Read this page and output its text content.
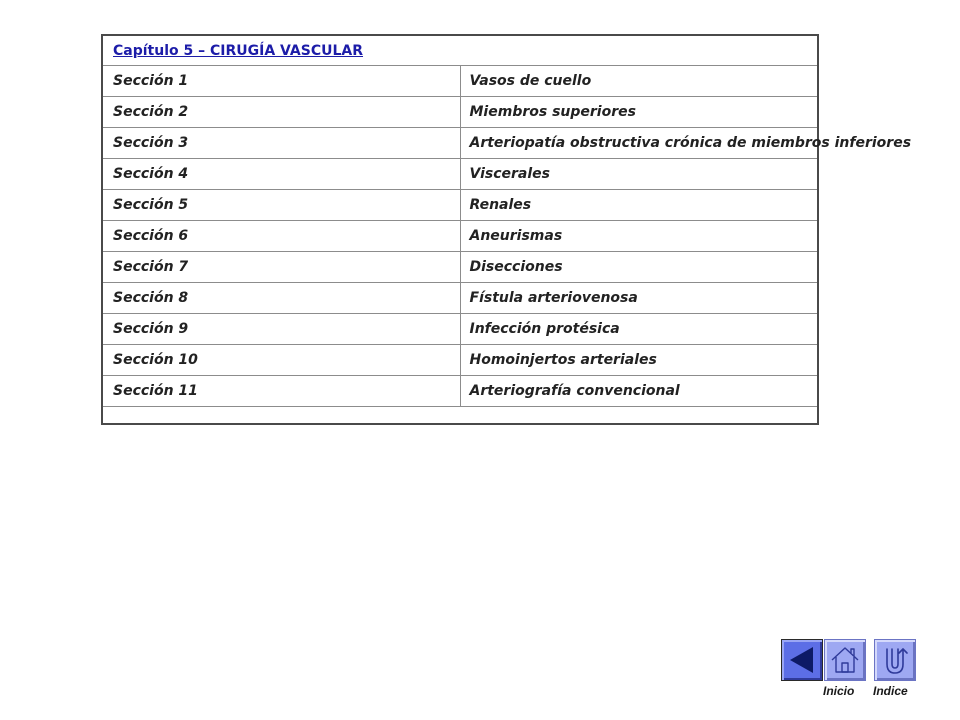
Capítulo 5 – CIRUGÍA VASCULAR	
Sección 1	Vasos de cuello
Sección 2	Miembros superiores
Sección 3	Arteriopatía obstructiva crónica de miembros inferiores
Sección 4	Viscerales
Sección 5	Renales
Sección 6	Aneurismas
Sección 7	Disecciones
Sección 8	Fístula arteriovenosa
Sección 9	Infección protésica
Sección 10	Homoinjertos arteriales
Sección 11	Arteriografía convencional

Inicio Indice
